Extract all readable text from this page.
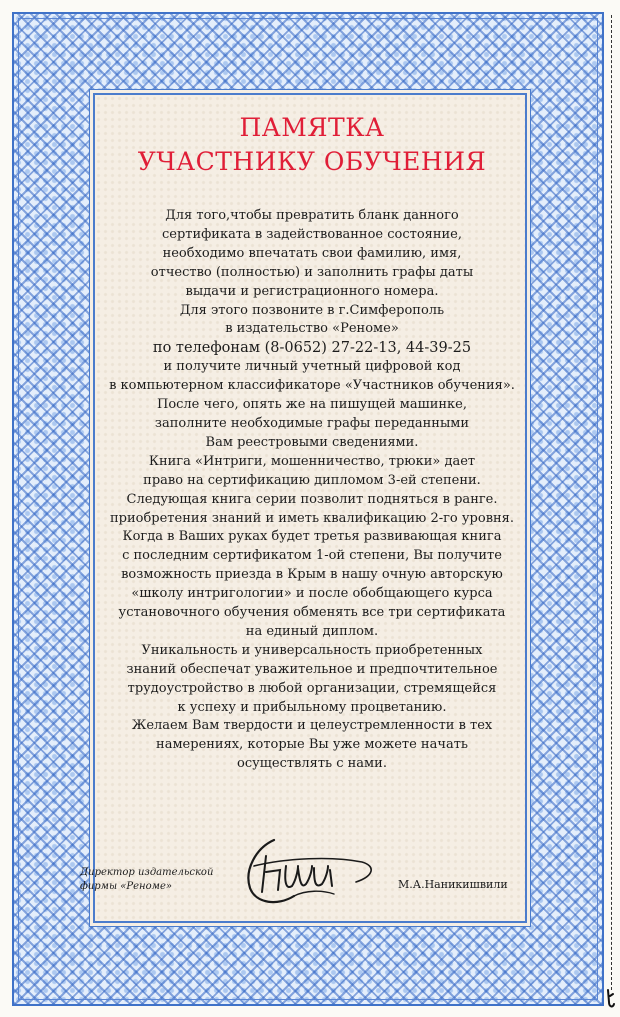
ПАМЯТКА
УЧАСТНИКУ ОБУЧЕНИЯ

Для того,чтобы превратить бланк данного
сертификата в задействованное состояние,
необходимо впечатать свои фамилию, имя,
отчество (полностью) и заполнить графы даты
выдачи и регистрационного номера.
Для этого позвоните в г.Симферополь
в издательство «Реноме»
по телефонам (8-0652) 27-22-13, 44-39-25
и получите личный учетный цифровой код
в компьютерном классификаторе «Участников обучения».
После чего, опять же на пишущей машинке,
заполните необходимые графы переданными
Вам реестровыми сведениями.
Книга «Интриги, мошенничество, трюки» дает
право на сертификацию дипломом 3-ей степени.
Следующая книга серии позволит подняться в ранге.
приобретения знаний и иметь квалификацию 2-го уровня.
Когда в Ваших руках будет третья развивающая книга
с последним сертификатом 1-ой степени, Вы получите
возможность приезда в Крым в нашу очную авторскую
«школу интригологии» и после обобщающего курса
установочного обучения обменять все три сертификата
на единый диплом.
Уникальность и универсальность приобретенных
знаний обеспечат уважительное и предпочтительное
трудоустройство в любой организации, стремящейся
к успеху и прибыльному процветанию.
Желаем Вам твердости и целеустремленности в тех
намерениях, которые Вы уже можете начать
осуществлять с нами.

Директор издательской
фирмы «Реноме»	М.А.Наникишвили
